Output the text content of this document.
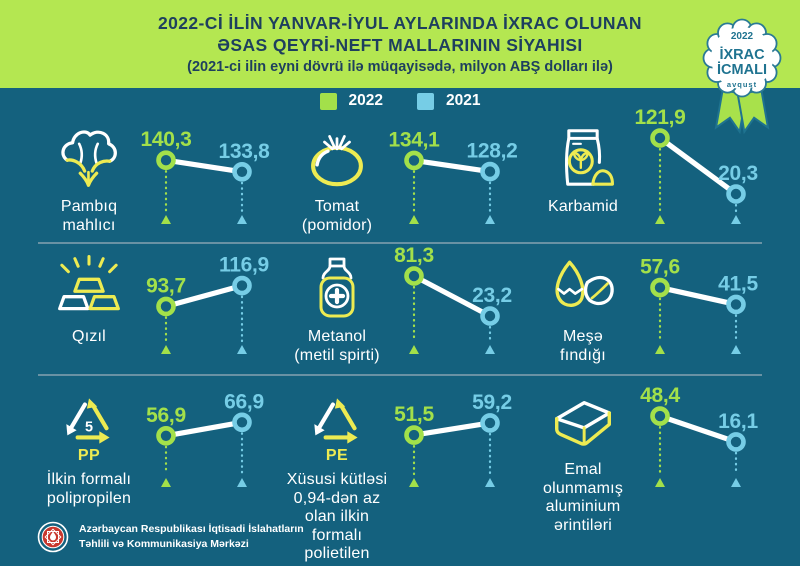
2022-Cİ İLİN YANVAR-İYUL AYLARINDA İXRAC OLUNAN
ƏSAS QEYRİ-NEFT MALLARININ SİYAHISI
(2021-ci ilin eyni dövrü ilə müqayisədə, milyon ABŞ dolları ilə)
2022
İXRAC
İCMALI
avqust
2022	2021
Pambıq
mahlıcı
140,3
133,8
Tomat
(pomidor)
134,1 128,2
Karbamid
121,9
20,3
Qızıl
93,7
116,9
Metanol
(metil spirti)
81,3
23,2
Meşə
fındığı
57,6
41,5
5
PP
İlkin formalı
polipropilen
56,9
66,9
PE
Xüsusi kütləsi
0,94-dən az
olan ilkin formalı
polietilen
51,5
59,2
Emal olunmamış
aluminium
ərintiləri
48,4
16,1
Azərbaycan Respublikası İqtisadi İslahatların
Təhlili və Kommunikasiya Mərkəzi
